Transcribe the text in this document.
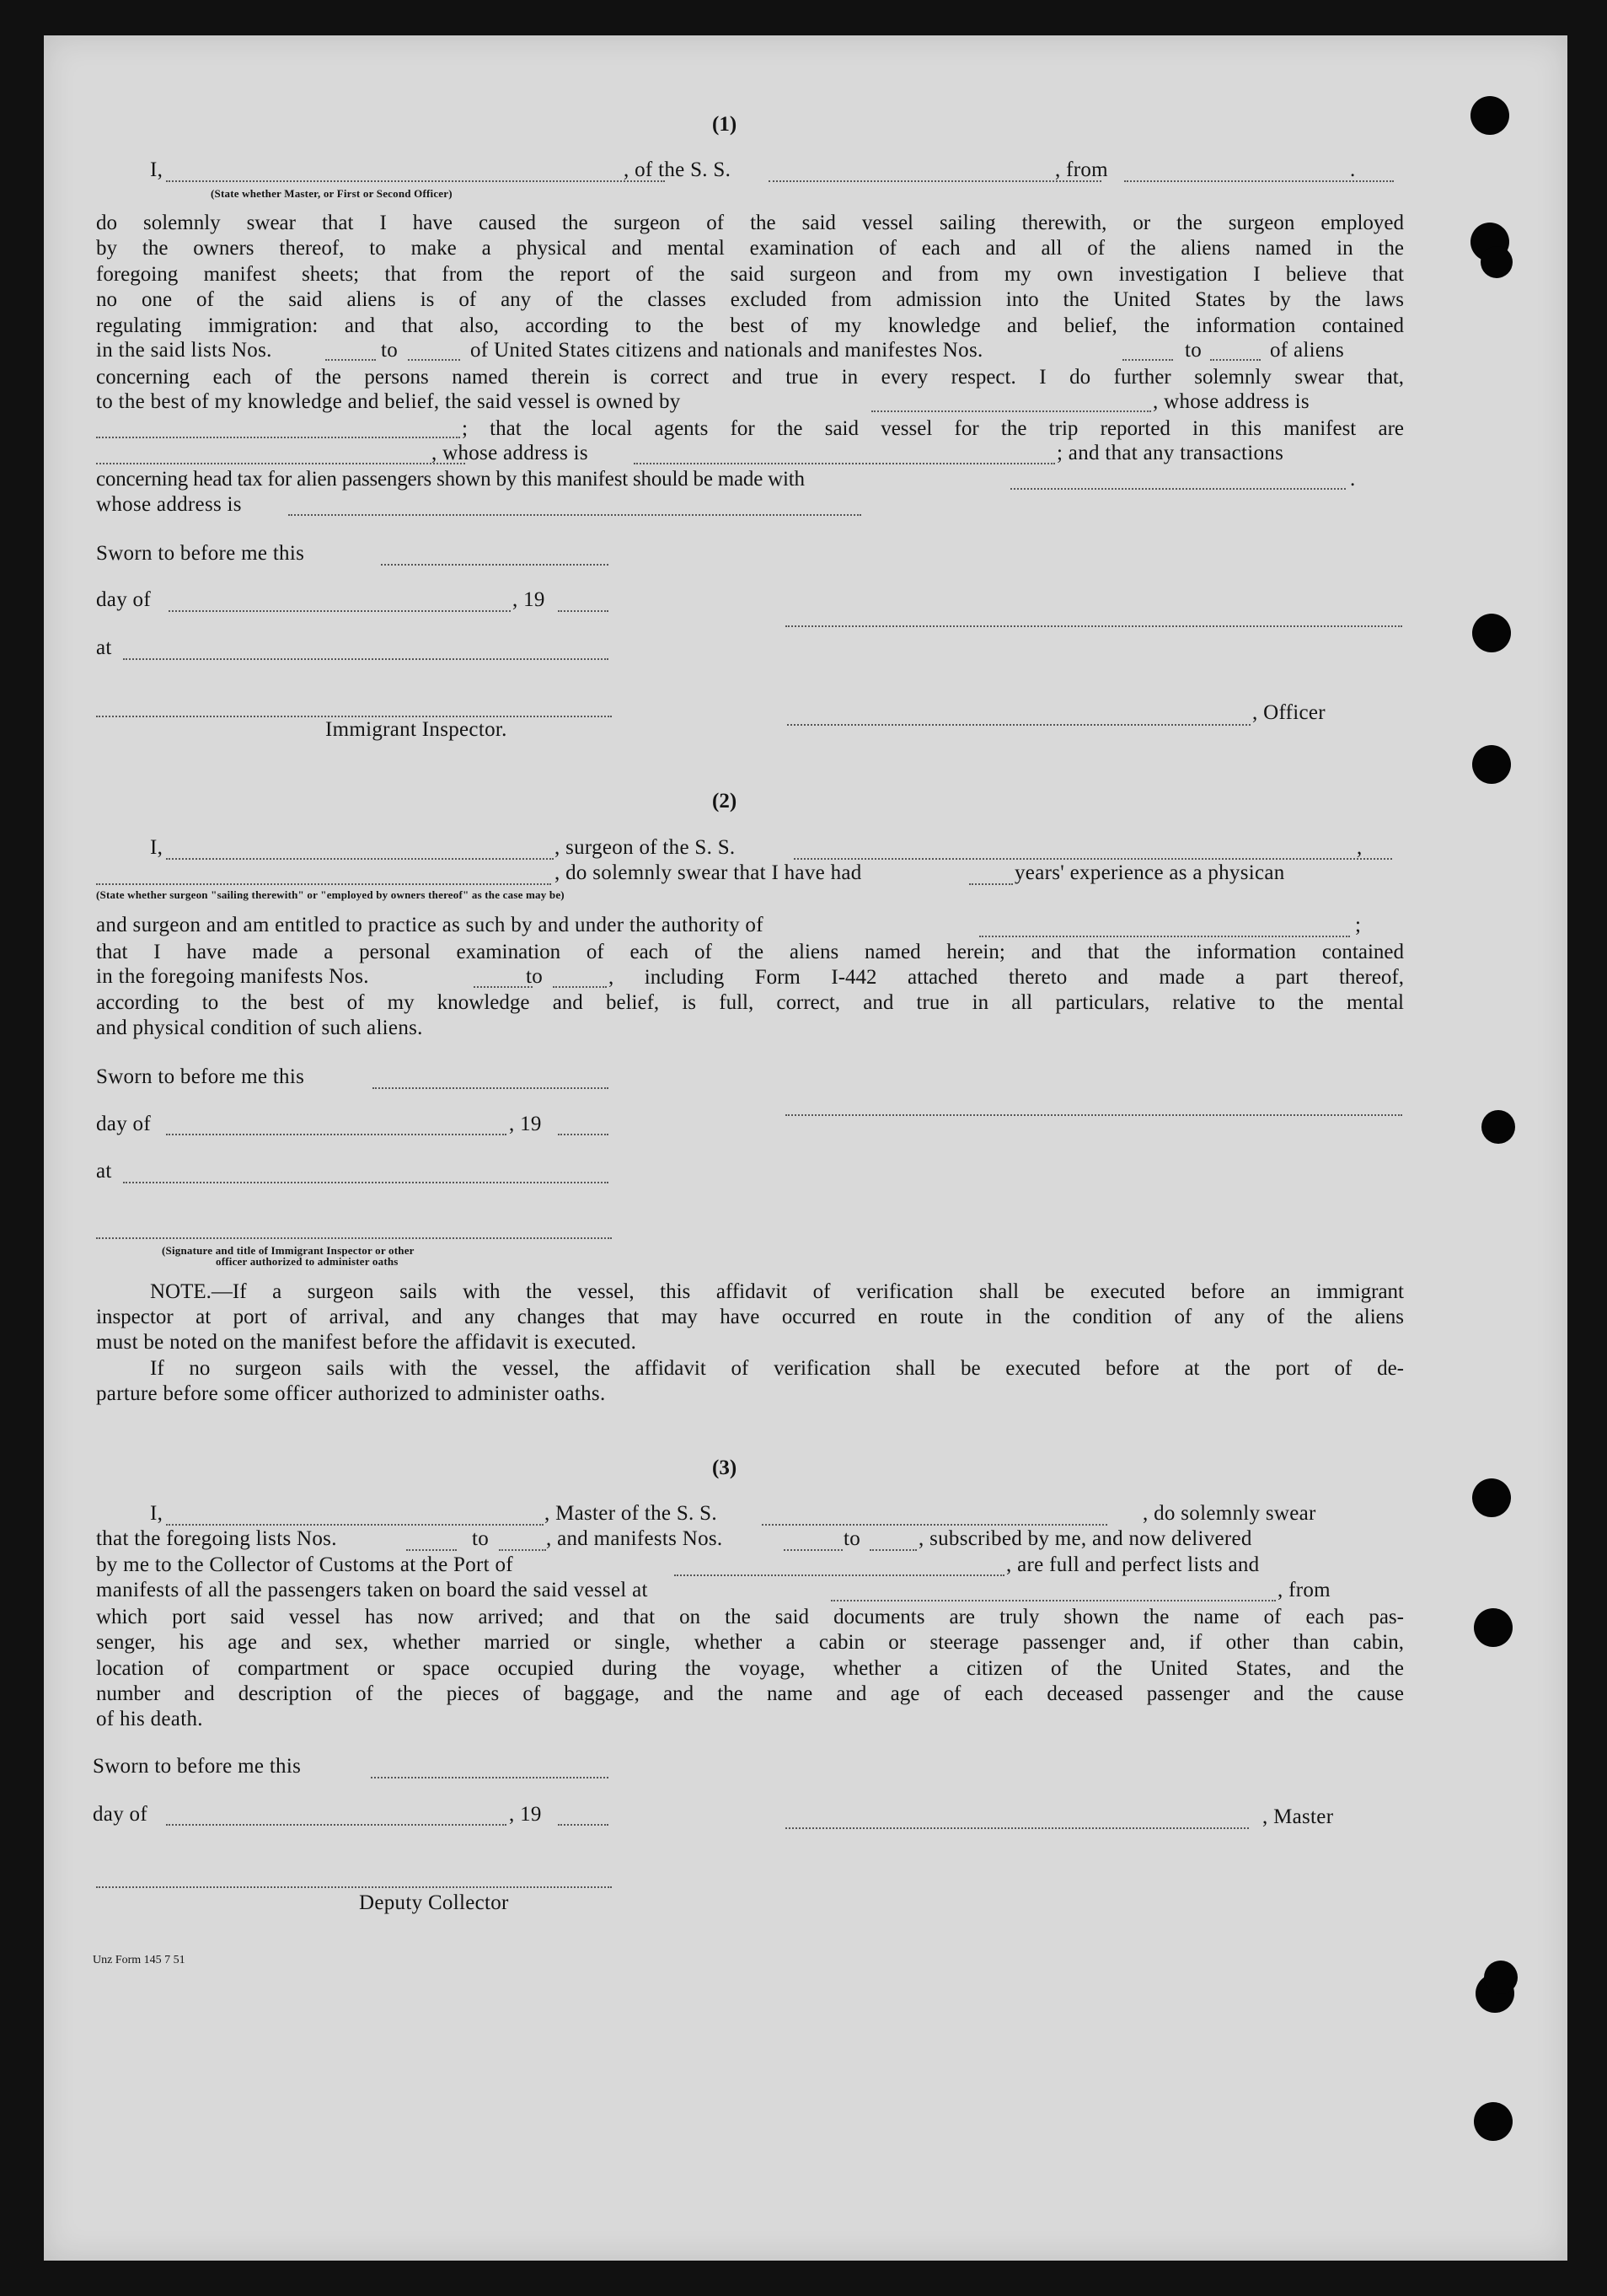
(1)
I,	, of the S. S.	, from	.
(State whether Master, or First or Second Officer)
do solemnly swear that I have caused the surgeon of the said vessel sailing therewith, or the surgeon employed
by the owners thereof, to make a physical and mental examination of each and all of the aliens named in the
foregoing manifest sheets; that from the report of the said surgeon and from my own investigation I believe that
no one of the said aliens is of any of the classes excluded from admission into the United States by the laws
regulating immigration: and that also, according to the best of my knowledge and belief, the information contained
in the said lists Nos.	to	of United States citizens and nationals and manifestes Nos.	to	of aliens
concerning each of the persons named therein is correct and true in every respect. I do further solemnly swear that,
to the best of my knowledge and belief, the said vessel is owned by	, whose address is
; that the local agents for the said vessel for the trip reported in this manifest are
, whose address is	; and that any transactions
concerning head tax for alien passengers shown by this manifest should be made with	.
whose address is
Sworn to before me this
day of	, 19
at
, Officer
Immigrant Inspector.
(2)
I,	, surgeon of the S. S.	,
, do solemnly swear that I have had	years' experience as a physican
(State whether surgeon "sailing therewith" or "employed by owners thereof" as the case may be)
and surgeon and am entitled to practice as such by and under the authority of	;
that I have made a personal examination of each of the aliens named herein; and that the information contained
in the foregoing manifests Nos.	to	, including Form I-442 attached thereto and made a part thereof,
according to the best of my knowledge and belief, is full, correct, and true in all particulars, relative to the mental
and physical condition of such aliens.
Sworn to before me this
day of	, 19
at
(Signature and title of Immigrant Inspector or other
officer authorized to administer oaths
NOTE.—If a surgeon sails with the vessel, this affidavit of verification shall be executed before an immigrant
inspector at port of arrival, and any changes that may have occurred en route in the condition of any of the aliens
must be noted on the manifest before the affidavit is executed.
If no surgeon sails with the vessel, the affidavit of verification shall be executed before at the port of de-
parture before some officer authorized to administer oaths.
(3)
I,	, Master of the S. S.	, do solemnly swear
that the foregoing lists Nos.	to	, and manifests Nos.	to	, subscribed by me, and now delivered
by me to the Collector of Customs at the Port of	, are full and perfect lists and
manifests of all the passengers taken on board the said vessel at	, from
which port said vessel has now arrived; and that on the said documents are truly shown the name of each pas-
senger, his age and sex, whether married or single, whether a cabin or steerage passenger and, if other than cabin,
location of compartment or space occupied during the voyage, whether a citizen of the United States, and the
number and description of the pieces of baggage, and the name and age of each deceased passenger and the cause
of his death.
Sworn to before me this
day of	, 19	, Master
Deputy Collector
Unz Form 145 7 51
